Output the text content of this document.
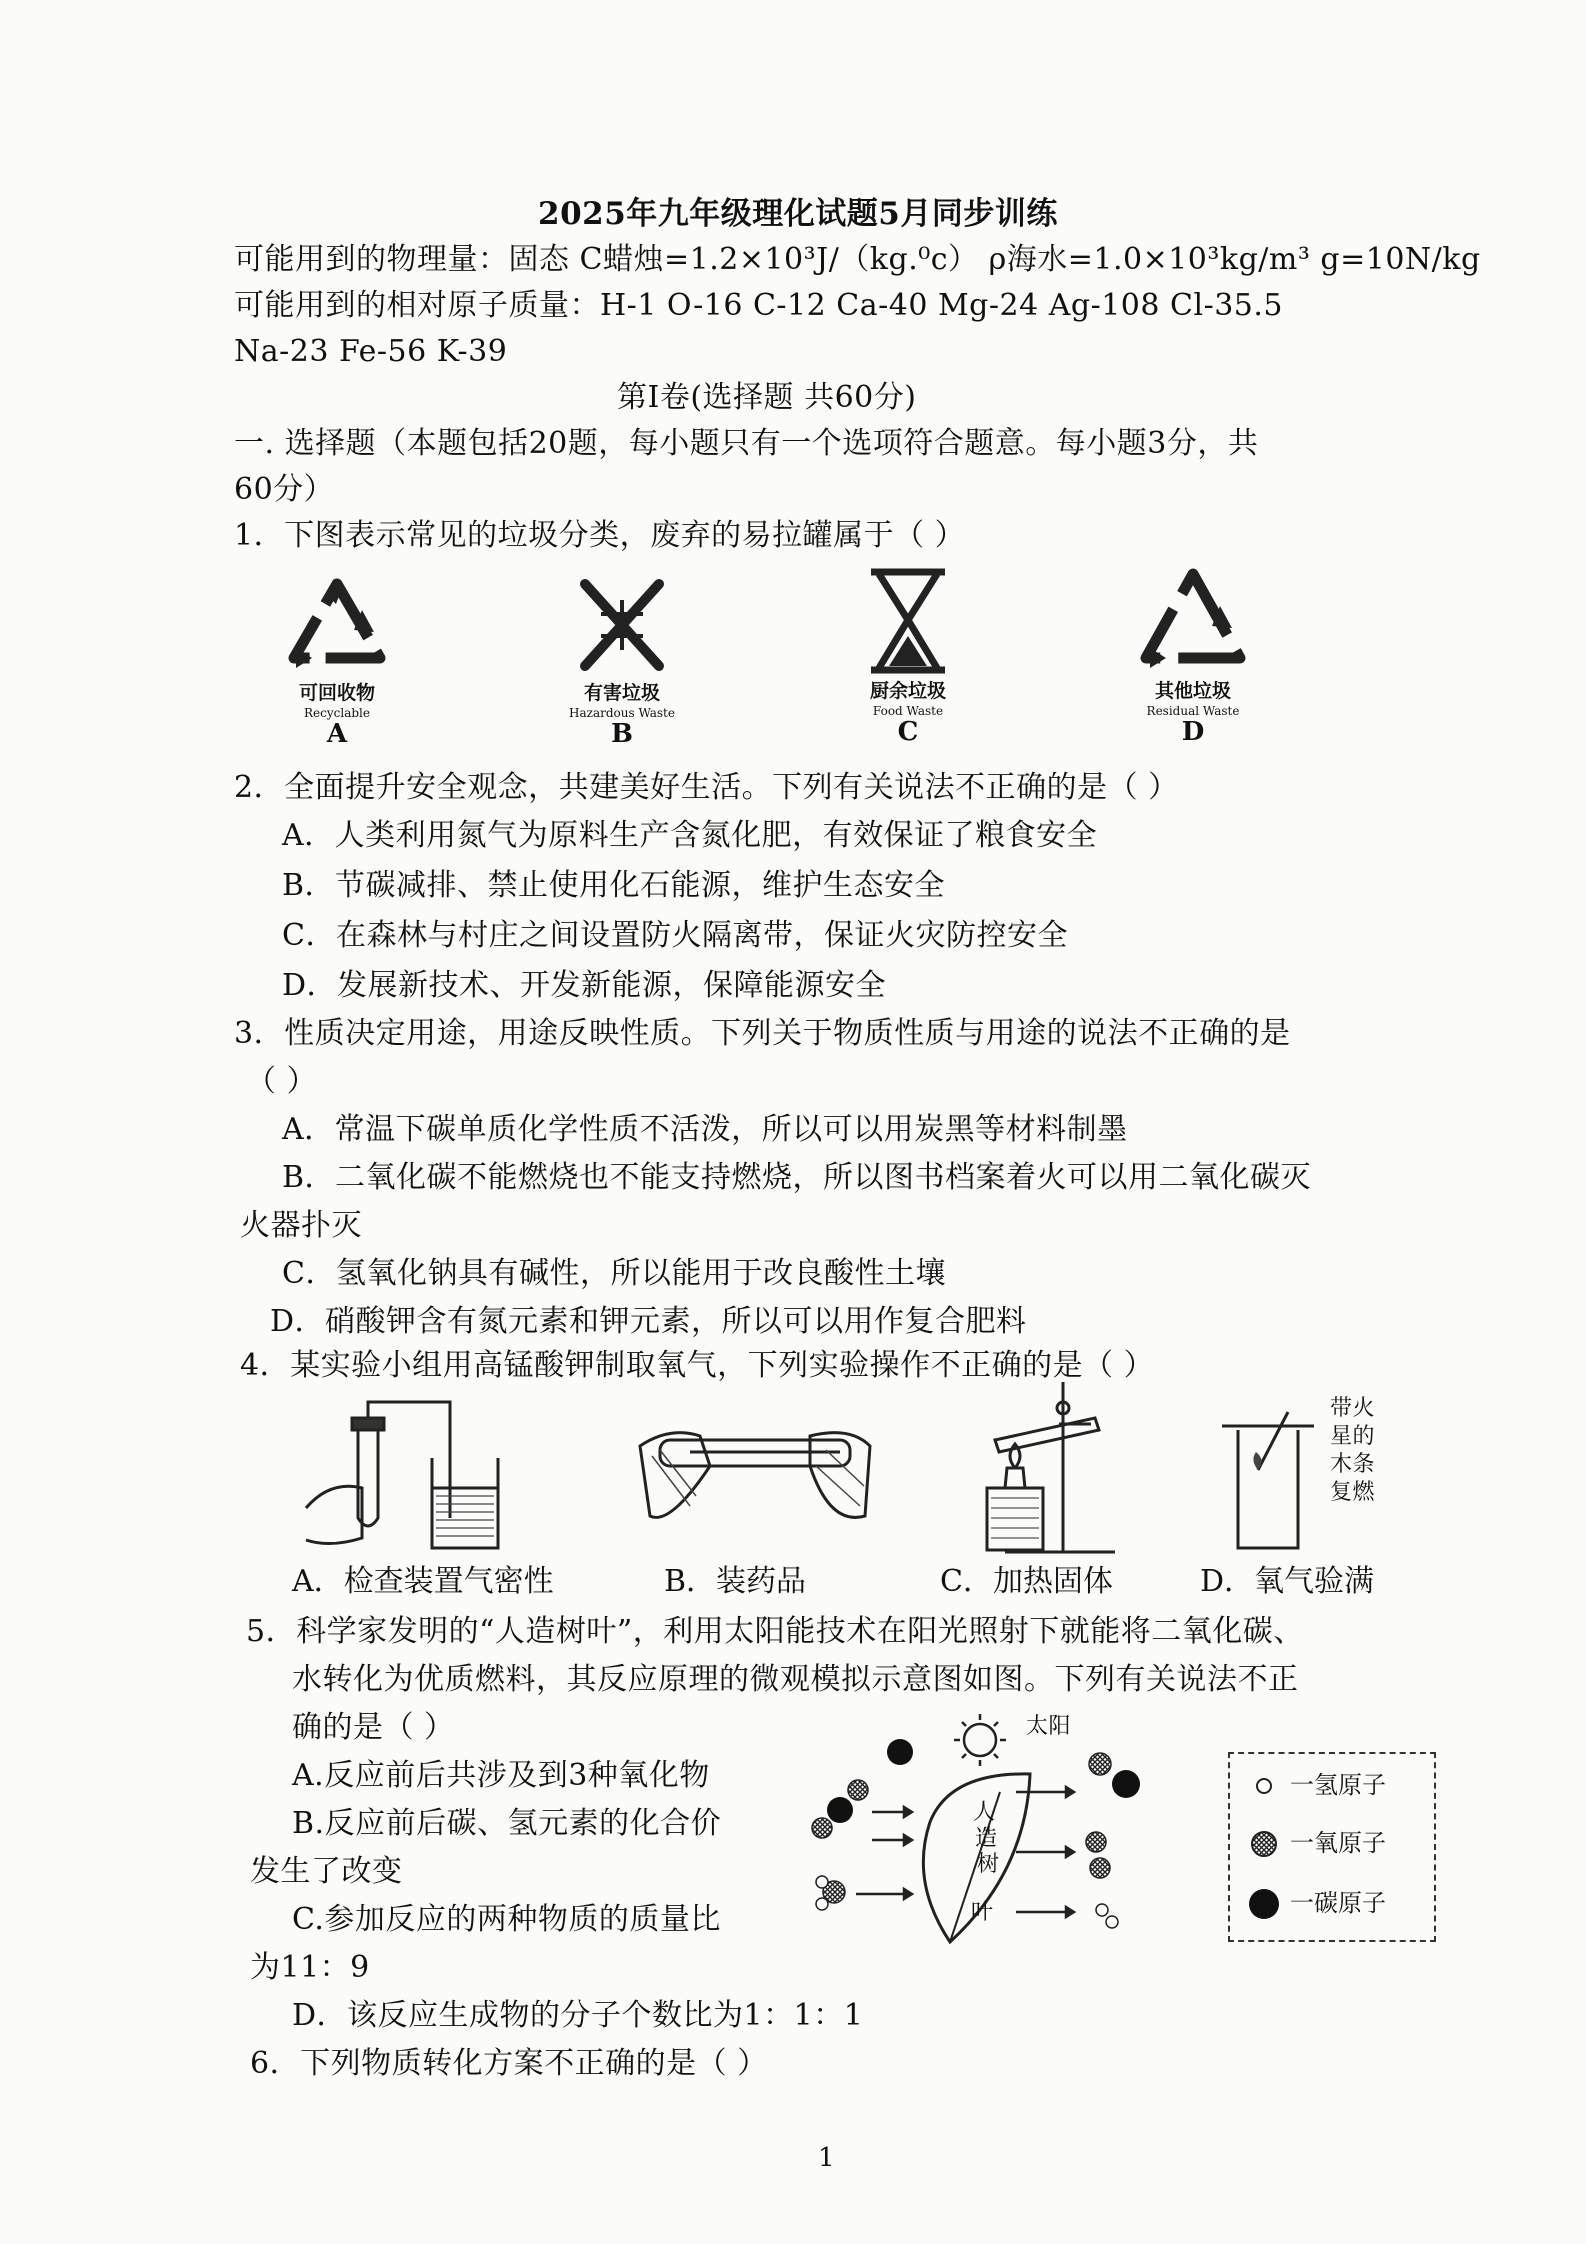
2025年九年级理化试题5月同步训练
可能用到的物理量：固态 C蜡烛=1.2×10³J/（kg.⁰c） ρ海水=1.0×10³kg/m³ g=10N/kg
可能用到的相对原子质量：H-1 O-16 C-12 Ca-40 Mg-24 Ag-108 Cl-35.5
Na-23 Fe-56 K-39
第Ⅰ卷(选择题 共60分)
一. 选择题（本题包括20题，每小题只有一个选项符合题意。每小题3分，共
60分）
1．下图表示常见的垃圾分类，废弃的易拉罐属于（ ）
可回收物
Recyclable
A
有害垃圾
Hazardous Waste
B
厨余垃圾
Food Waste
C
其他垃圾
Residual Waste
D
2．全面提升安全观念，共建美好生活。下列有关说法不正确的是（ ）
A．人类利用氮气为原料生产含氮化肥，有效保证了粮食安全
B．节碳减排、禁止使用化石能源，维护生态安全
C．在森林与村庄之间设置防火隔离带，保证火灾防控安全
D．发展新技术、开发新能源，保障能源安全
3．性质决定用途，用途反映性质。下列关于物质性质与用途的说法不正确的是
（ ）
A．常温下碳单质化学性质不活泼，所以可以用炭黑等材料制墨
B．二氧化碳不能燃烧也不能支持燃烧，所以图书档案着火可以用二氧化碳灭
火器扑灭
C．氢氧化钠具有碱性，所以能用于改良酸性土壤
D．硝酸钾含有氮元素和钾元素，所以可以用作复合肥料
4．某实验小组用高锰酸钾制取氧气，下列实验操作不正确的是（ ）
带火
星的
木条
复燃
A．检查装置气密性	B．装药品	C．加热固体	D．氧气验满
5．科学家发明的“人造树叶”，利用太阳能技术在阳光照射下就能将二氧化碳、
水转化为优质燃料，其反应原理的微观模拟示意图如图。下列有关说法不正
确的是（ ）
A.反应前后共涉及到3种氧化物
B.反应前后碳、氢元素的化合价
发生了改变
C.参加反应的两种物质的质量比
为11：9
D．该反应生成物的分子个数比为1：1：1
太阳
人
造
树
叶
一氢原子
一氧原子
一碳原子
6．下列物质转化方案不正确的是（ ）
1
